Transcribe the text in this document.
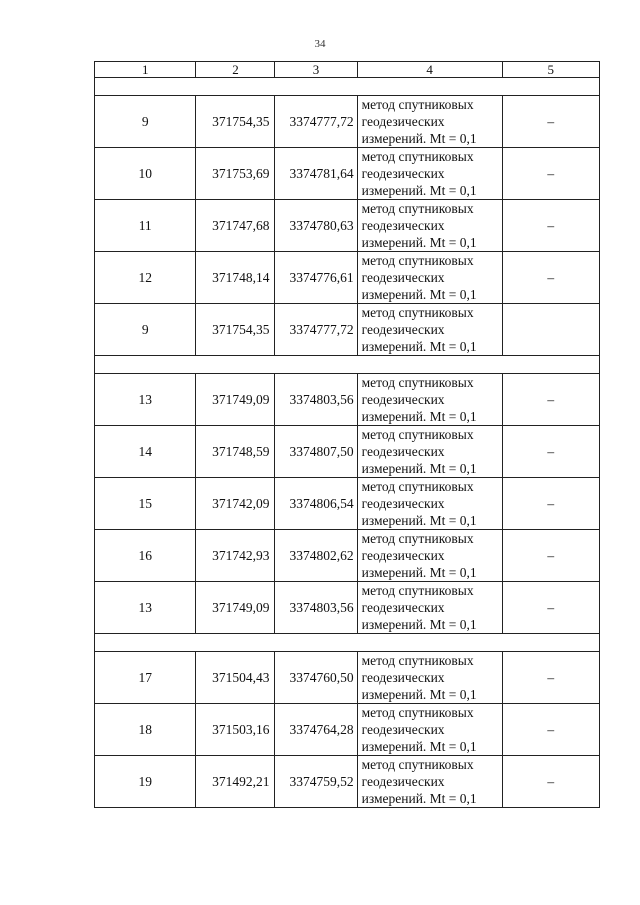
34
1	2	3	4	5

9	371754,35	3374777,72	метод спутниковых
геодезических
измерений. Mt = 0,1	–
10	371753,69	3374781,64	метод спутниковых
геодезических
измерений. Mt = 0,1	–
11	371747,68	3374780,63	метод спутниковых
геодезических
измерений. Mt = 0,1	–
12	371748,14	3374776,61	метод спутниковых
геодезических
измерений. Mt = 0,1	–
9	371754,35	3374777,72	метод спутниковых
геодезических
измерений. Mt = 0,1	

13	371749,09	3374803,56	метод спутниковых
геодезических
измерений. Mt = 0,1	–
14	371748,59	3374807,50	метод спутниковых
геодезических
измерений. Mt = 0,1	–
15	371742,09	3374806,54	метод спутниковых
геодезических
измерений. Mt = 0,1	–
16	371742,93	3374802,62	метод спутниковых
геодезических
измерений. Mt = 0,1	–
13	371749,09	3374803,56	метод спутниковых
геодезических
измерений. Mt = 0,1	–

17	371504,43	3374760,50	метод спутниковых
геодезических
измерений. Mt = 0,1	–
18	371503,16	3374764,28	метод спутниковых
геодезических
измерений. Mt = 0,1	–
19	371492,21	3374759,52	метод спутниковых
геодезических
измерений. Mt = 0,1	–
